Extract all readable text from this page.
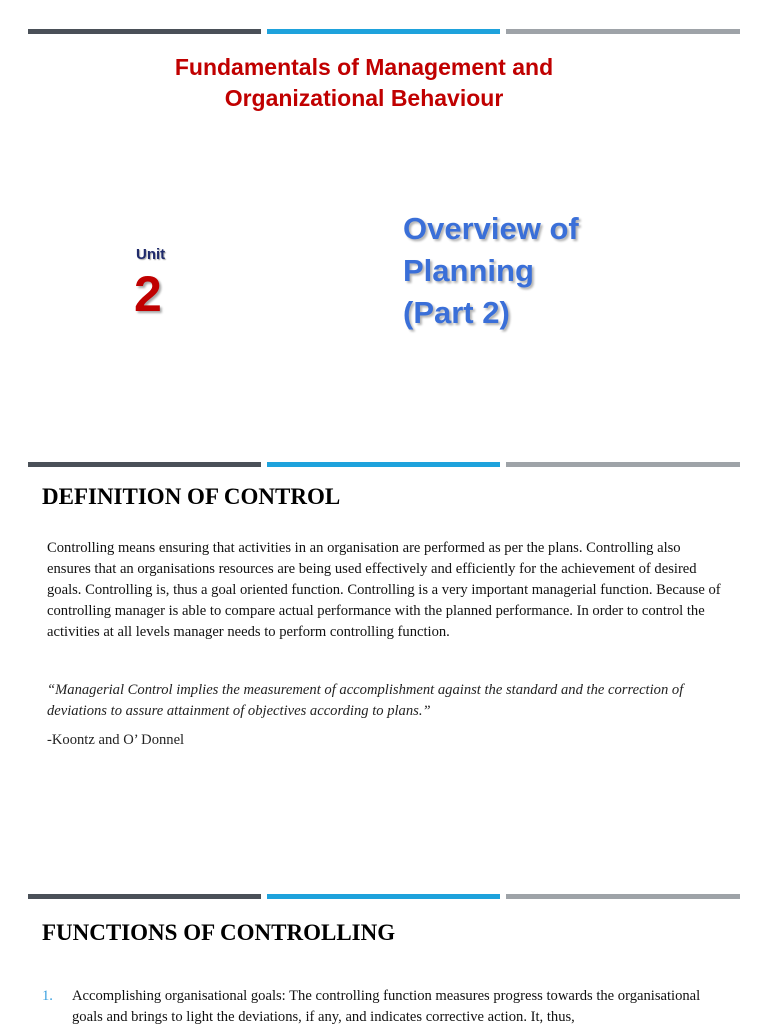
Fundamentals of Management and
Organizational Behaviour
Unit
2
Overview of
Planning
(Part 2)
DEFINITION OF CONTROL

Controlling means ensuring that activities in an organisation are performed as per the plans. Controlling also ensures that an organisations resources are being used effectively and efficiently for the achievement of desired goals. Controlling is, thus a goal oriented function. Controlling is a very important managerial function. Because of controlling manager is able to compare actual performance with the planned performance. In order to control the activities at all levels manager needs to perform controlling function.

“Managerial Control implies the measurement of accomplishment against the standard and the correction of deviations to assure attainment of objectives according to plans.”

-Koontz and O’ Donnel
FUNCTIONS OF CONTROLLING
1. Accomplishing organisational goals: The controlling function measures progress towards the organisational goals and brings to light the deviations, if any, and indicates corrective action. It, thus,
